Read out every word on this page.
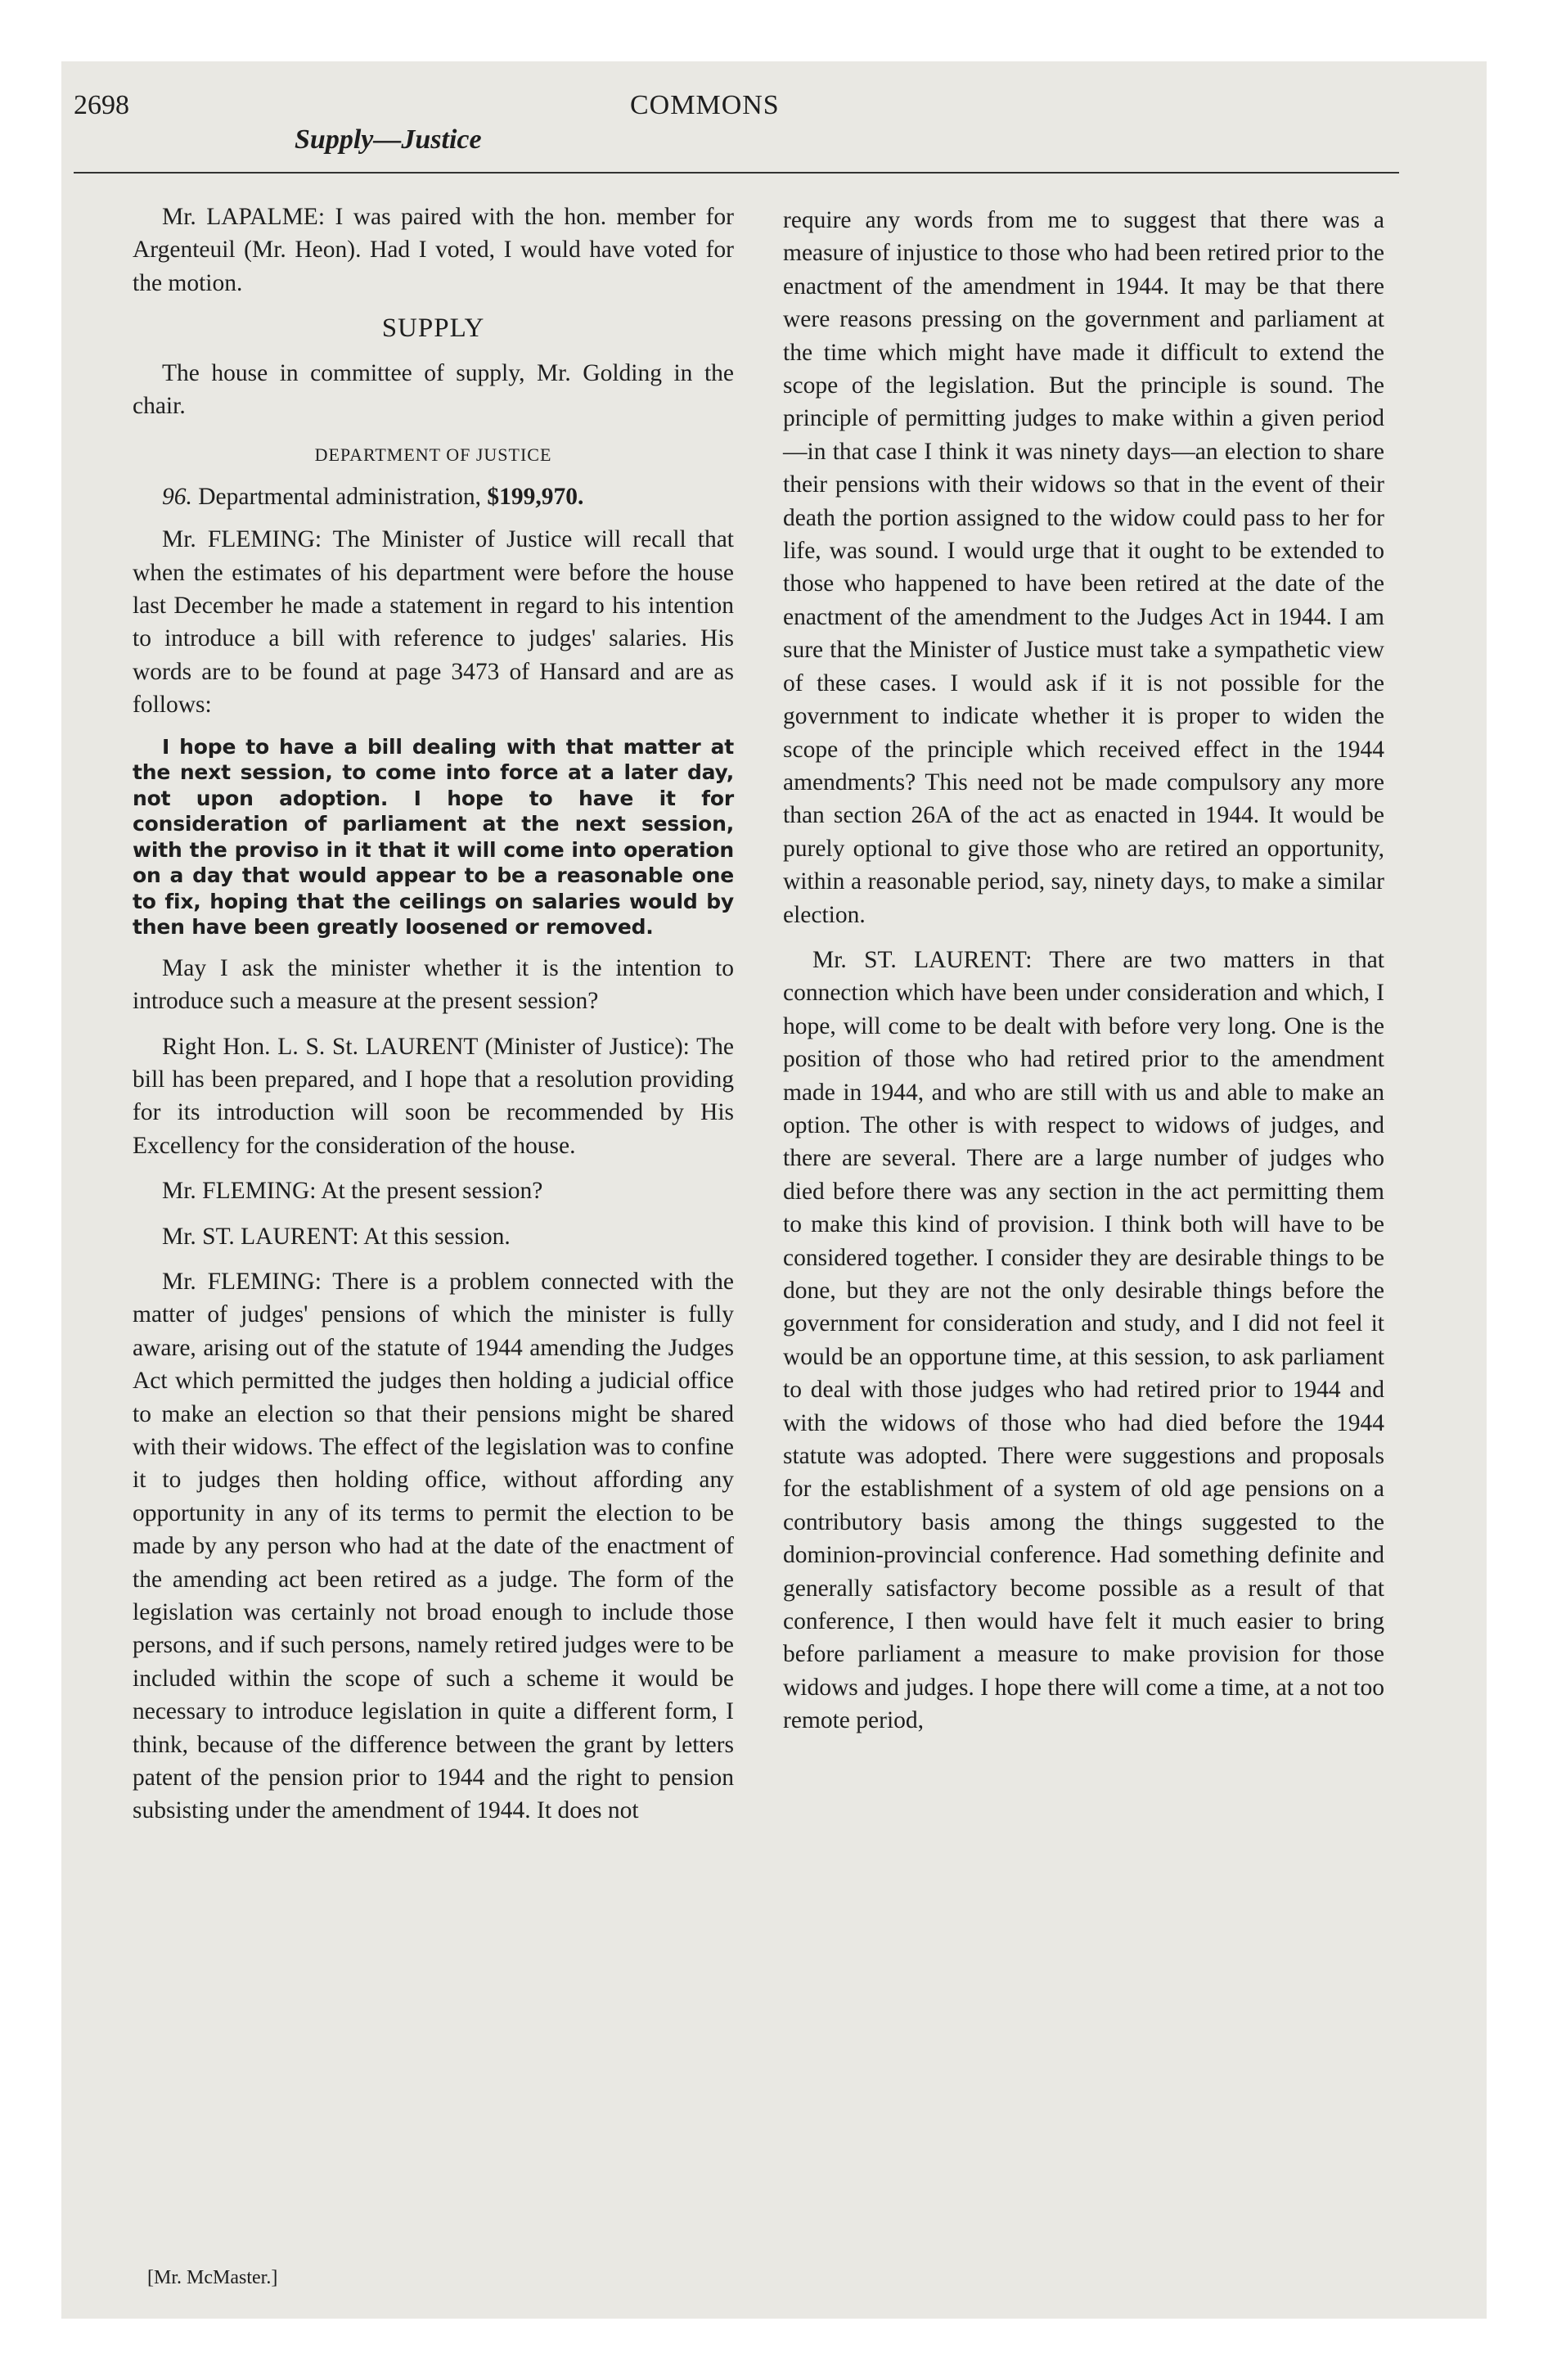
2698	COMMONS
Supply—Justice

Mr. LAPALME: I was paired with the hon. member for Argenteuil (Mr. Heon). Had I voted, I would have voted for the motion.

SUPPLY

The house in committee of supply, Mr. Golding in the chair.

DEPARTMENT OF JUSTICE
96. Departmental administration, $199,970.

Mr. FLEMING: The Minister of Justice will recall that when the estimates of his department were before the house last December he made a statement in regard to his intention to introduce a bill with reference to judges' salaries. His words are to be found at page 3473 of Hansard and are as follows:

I hope to have a bill dealing with that matter at the next session, to come into force at a later day, not upon adoption. I hope to have it for consideration of parliament at the next session, with the proviso in it that it will come into operation on a day that would appear to be a reasonable one to fix, hoping that the ceilings on salaries would by then have been greatly loosened or removed.

May I ask the minister whether it is the intention to introduce such a measure at the present session?

Right Hon. L. S. St. LAURENT (Minister of Justice): The bill has been prepared, and I hope that a resolution providing for its introduction will soon be recommended by His Excellency for the consideration of the house.

Mr. FLEMING: At the present session?

Mr. ST. LAURENT: At this session.

Mr. FLEMING: There is a problem connected with the matter of judges' pensions of which the minister is fully aware, arising out of the statute of 1944 amending the Judges Act which permitted the judges then holding a judicial office to make an election so that their pensions might be shared with their widows. The effect of the legislation was to confine it to judges then holding office, without affording any opportunity in any of its terms to permit the election to be made by any person who had at the date of the enactment of the amending act been retired as a judge. The form of the legislation was certainly not broad enough to include those persons, and if such persons, namely retired judges were to be included within the scope of such a scheme it would be necessary to introduce legislation in quite a different form, I think, because of the difference between the grant by letters patent of the pension prior to 1944 and the right to pension subsisting under the amendment of 1944. It does not

require any words from me to suggest that there was a measure of injustice to those who had been retired prior to the enactment of the amendment in 1944. It may be that there were reasons pressing on the government and parliament at the time which might have made it difficult to extend the scope of the legislation. But the principle is sound. The principle of permitting judges to make within a given period—in that case I think it was ninety days—an election to share their pensions with their widows so that in the event of their death the portion assigned to the widow could pass to her for life, was sound. I would urge that it ought to be extended to those who happened to have been retired at the date of the enactment of the amendment to the Judges Act in 1944. I am sure that the Minister of Justice must take a sympathetic view of these cases. I would ask if it is not possible for the government to indicate whether it is proper to widen the scope of the principle which received effect in the 1944 amendments? This need not be made compulsory any more than section 26A of the act as enacted in 1944. It would be purely optional to give those who are retired an opportunity, within a reasonable period, say, ninety days, to make a similar election.

Mr. ST. LAURENT: There are two matters in that connection which have been under consideration and which, I hope, will come to be dealt with before very long. One is the position of those who had retired prior to the amendment made in 1944, and who are still with us and able to make an option. The other is with respect to widows of judges, and there are several. There are a large number of judges who died before there was any section in the act permitting them to make this kind of provision. I think both will have to be considered together. I consider they are desirable things to be done, but they are not the only desirable things before the government for consideration and study, and I did not feel it would be an opportune time, at this session, to ask parliament to deal with those judges who had retired prior to 1944 and with the widows of those who had died before the 1944 statute was adopted. There were suggestions and proposals for the establishment of a system of old age pensions on a contributory basis among the things suggested to the dominion-provincial conference. Had something definite and generally satisfactory become possible as a result of that conference, I then would have felt it much easier to bring before parliament a measure to make provision for those widows and judges. I hope there will come a time, at a not too remote period,

[Mr. McMaster.]
